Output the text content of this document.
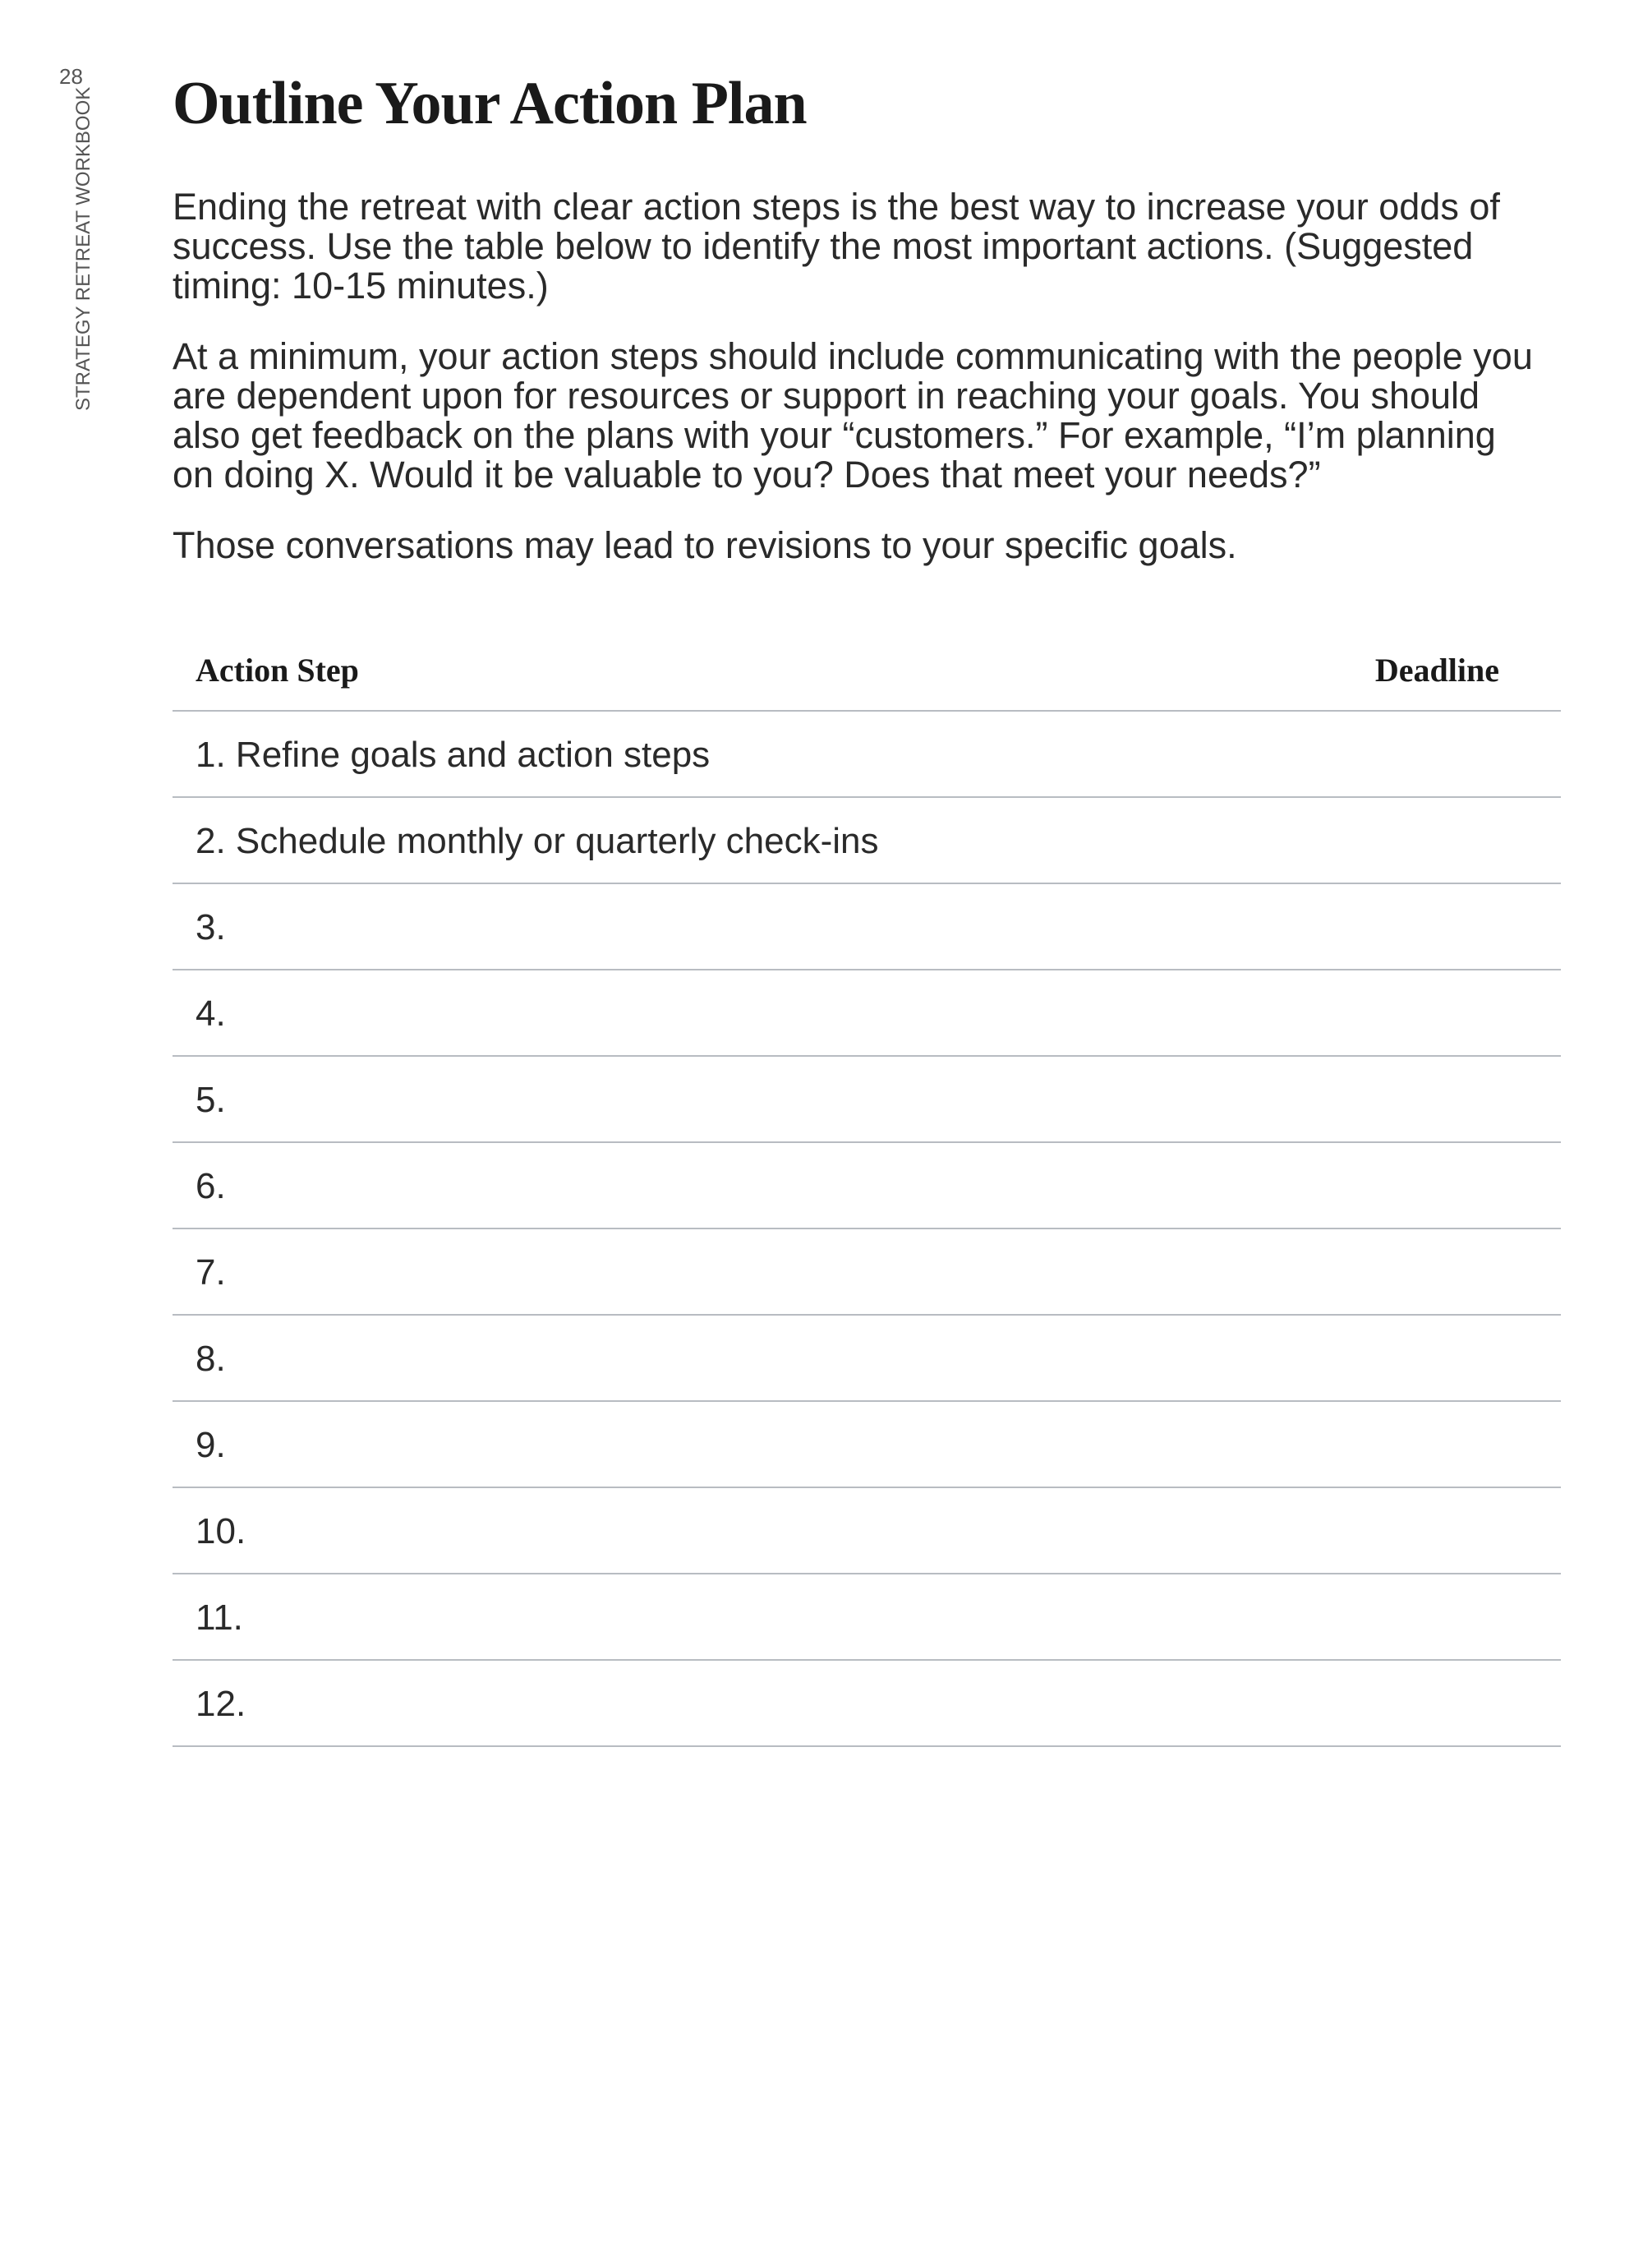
28
STRATEGY RETREAT WORKBOOK Outline Your Action Plan

Ending the retreat with clear action steps is the best way to increase your odds of success. Use the table below to identify the most important actions. (Suggested timing: 10-15 minutes.)

At a minimum, your action steps should include communicating with the people you are dependent upon for resources or support in reaching your goals. You should also get feedback on the plans with your “customers.” For example, “I’m planning on doing X. Would it be valuable to you? Does that meet your needs?”

Those conversations may lead to revisions to your specific goals.

Action Step	Deadline
1. Refine goals and action steps
2. Schedule monthly or quarterly check-ins
3.
4.
5.
6.
7.
8.
9.
10.
11.
12.
